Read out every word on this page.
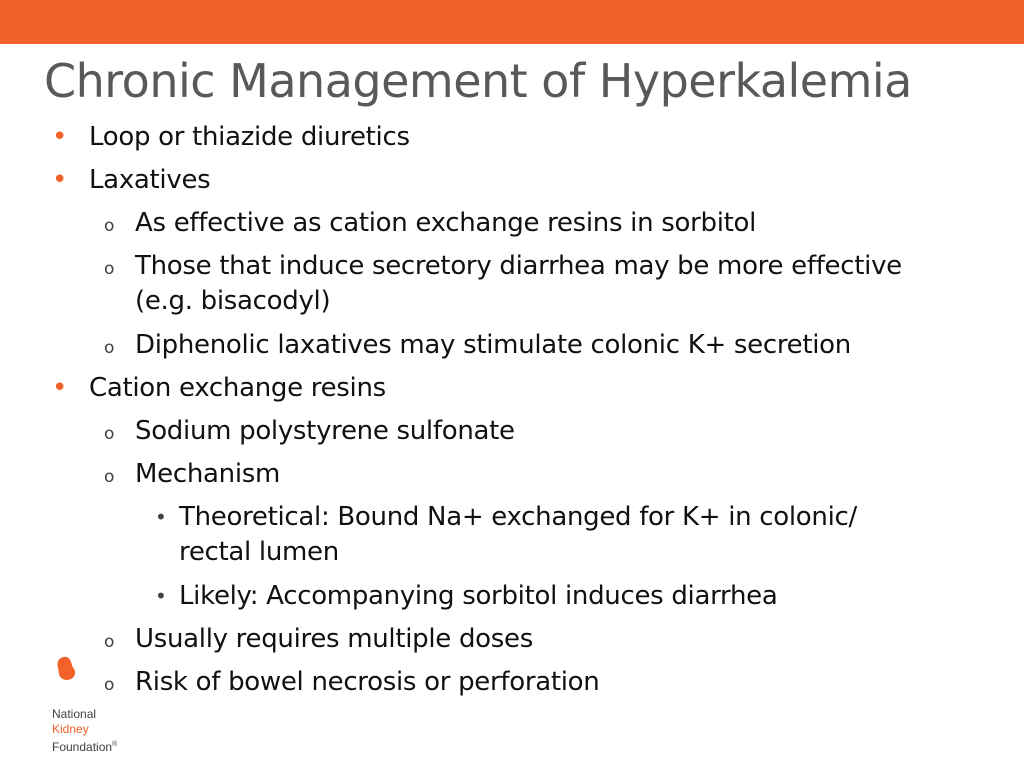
Chronic Management of Hyperkalemia
• Loop or thiazide diuretics
• Laxatives
o As effective as cation exchange resins in sorbitol
o Those that induce secretory diarrhea may be more effective
(e.g. bisacodyl)
o Diphenolic laxatives may stimulate colonic K+ secretion
• Cation exchange resins
o Sodium polystyrene sulfonate
o Mechanism
• Theoretical: Bound Na+ exchanged for K+ in colonic/
rectal lumen
• Likely: Accompanying sorbitol induces diarrhea
o Usually requires multiple doses
o Risk of bowel necrosis or perforation
National
Kidney
Foundation®
